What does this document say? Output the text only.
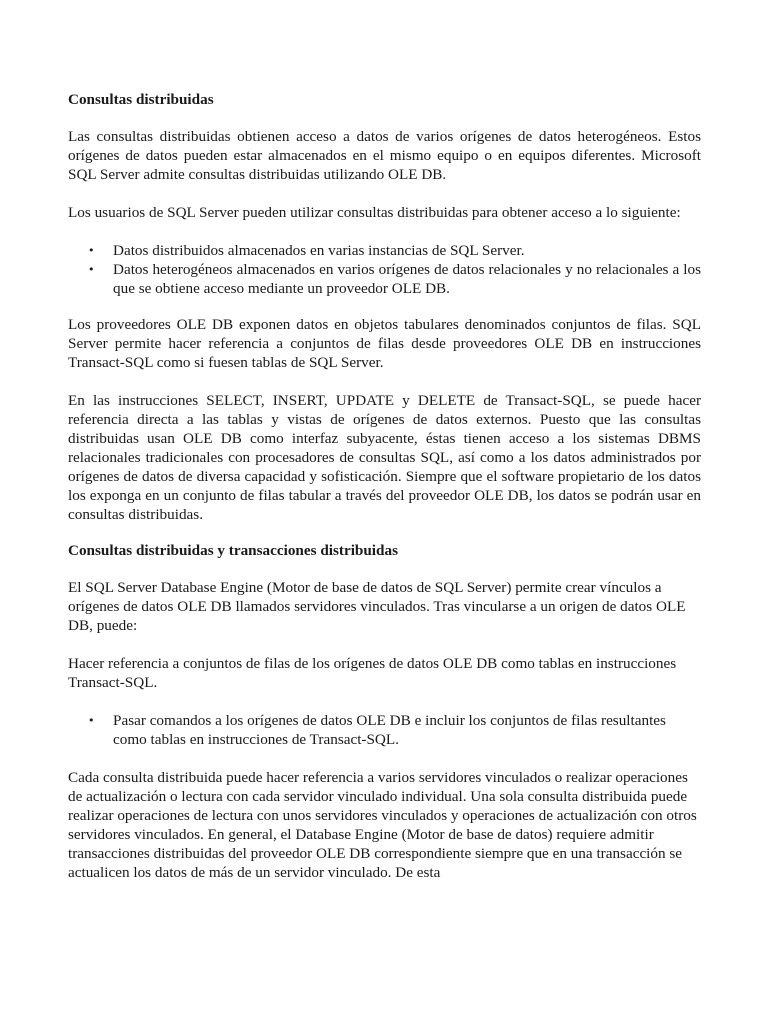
Consultas distribuidas

Las consultas distribuidas obtienen acceso a datos de varios orígenes de datos heterogéneos. Estos orígenes de datos pueden estar almacenados en el mismo equipo o en equipos diferentes. Microsoft SQL Server admite consultas distribuidas utilizando OLE DB.

Los usuarios de SQL Server pueden utilizar consultas distribuidas para obtener acceso a lo siguiente:

• Datos distribuidos almacenados en varias instancias de SQL Server.
• Datos heterogéneos almacenados en varios orígenes de datos relacionales y no relacionales a los que se obtiene acceso mediante un proveedor OLE DB.

Los proveedores OLE DB exponen datos en objetos tabulares denominados conjuntos de filas. SQL Server permite hacer referencia a conjuntos de filas desde proveedores OLE DB en instrucciones Transact-SQL como si fuesen tablas de SQL Server.

En las instrucciones SELECT, INSERT, UPDATE y DELETE de Transact-SQL, se puede hacer referencia directa a las tablas y vistas de orígenes de datos externos. Puesto que las consultas distribuidas usan OLE DB como interfaz subyacente, éstas tienen acceso a los sistemas DBMS relacionales tradicionales con procesadores de consultas SQL, así como a los datos administrados por orígenes de datos de diversa capacidad y sofisticación. Siempre que el software propietario de los datos los exponga en un conjunto de filas tabular a través del proveedor OLE DB, los datos se podrán usar en consultas distribuidas.

Consultas distribuidas y transacciones distribuidas

El SQL Server Database Engine (Motor de base de datos de SQL Server) permite crear vínculos a orígenes de datos OLE DB llamados servidores vinculados. Tras vincularse a un origen de datos OLE DB, puede:

Hacer referencia a conjuntos de filas de los orígenes de datos OLE DB como tablas en instrucciones Transact-SQL.

• Pasar comandos a los orígenes de datos OLE DB e incluir los conjuntos de filas resultantes como tablas en instrucciones de Transact-SQL.

Cada consulta distribuida puede hacer referencia a varios servidores vinculados o realizar operaciones de actualización o lectura con cada servidor vinculado individual. Una sola consulta distribuida puede realizar operaciones de lectura con unos servidores vinculados y operaciones de actualización con otros servidores vinculados. En general, el Database Engine (Motor de base de datos) requiere admitir transacciones distribuidas del proveedor OLE DB correspondiente siempre que en una transacción se actualicen los datos de más de un servidor vinculado. De esta
